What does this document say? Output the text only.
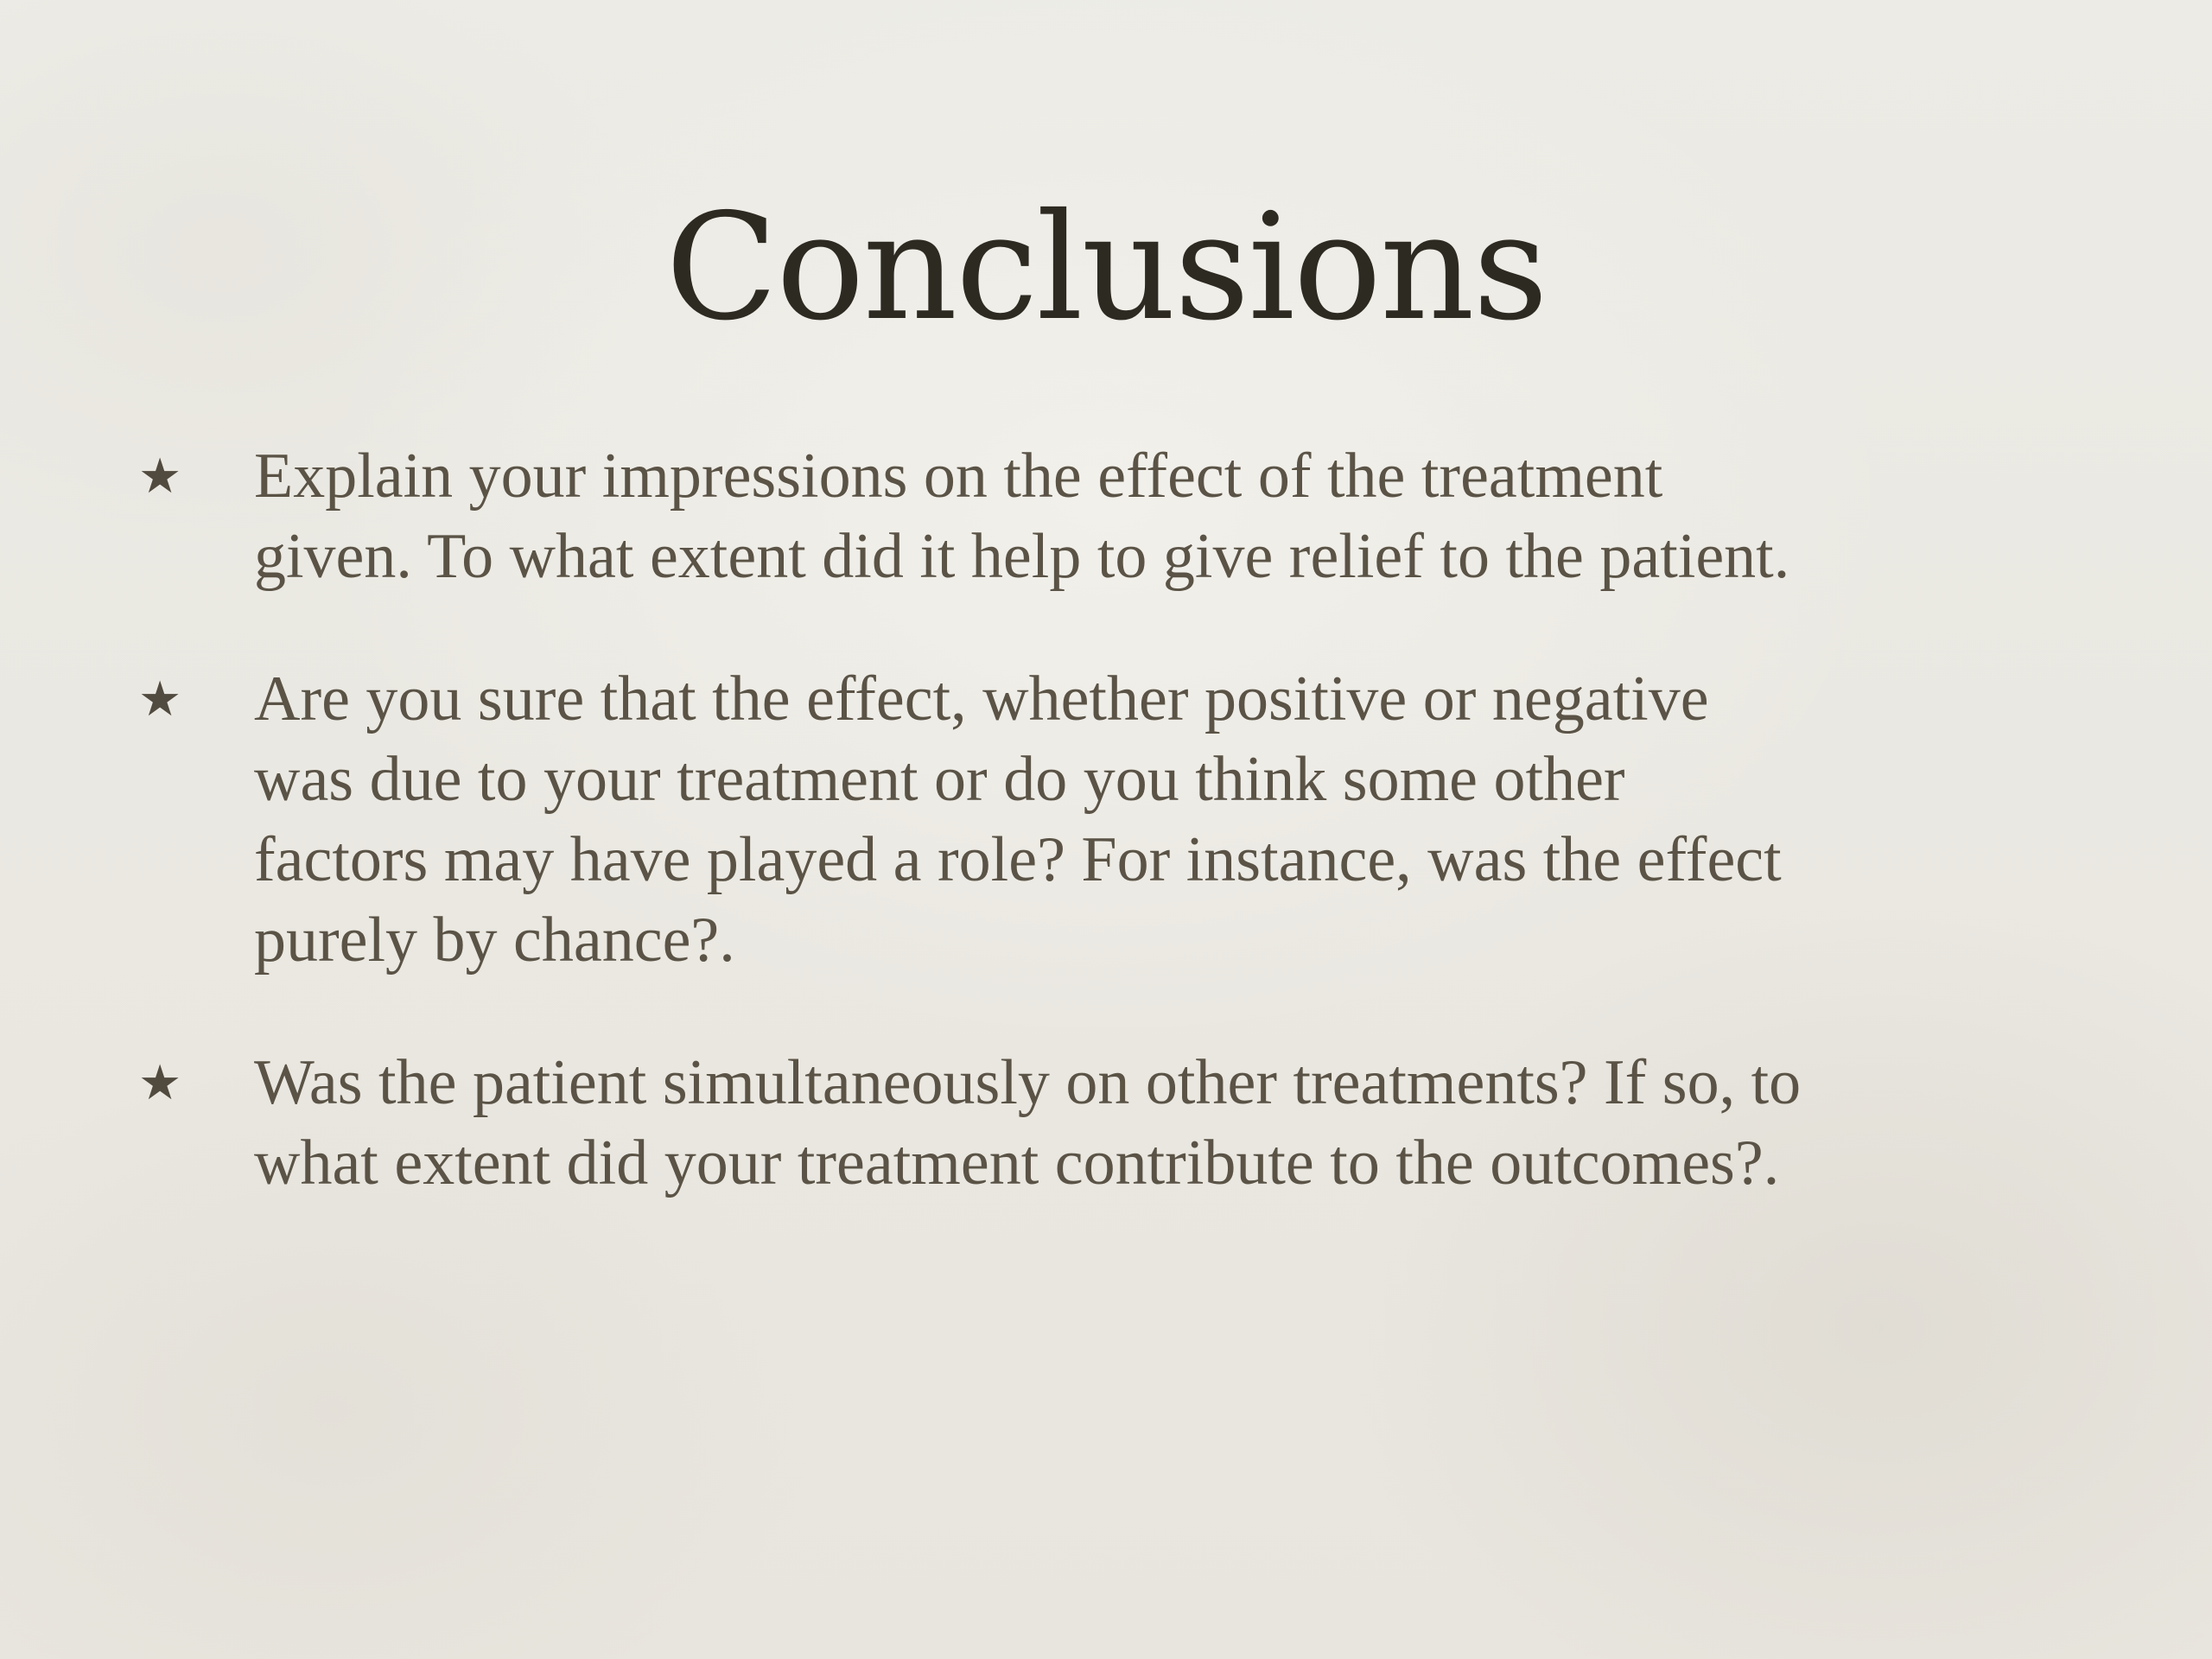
Conclusions
★	Explain your impressions on the effect of the treatment
given. To what extent did it help to give relief to the patient.
★	Are you sure that the effect, whether positive or negative
was due to your treatment or do you think some other
factors may have played a role? For instance, was the effect
purely by chance?.
★	Was the patient simultaneously on other treatments? If so, to
what extent did your treatment contribute to the outcomes?.
